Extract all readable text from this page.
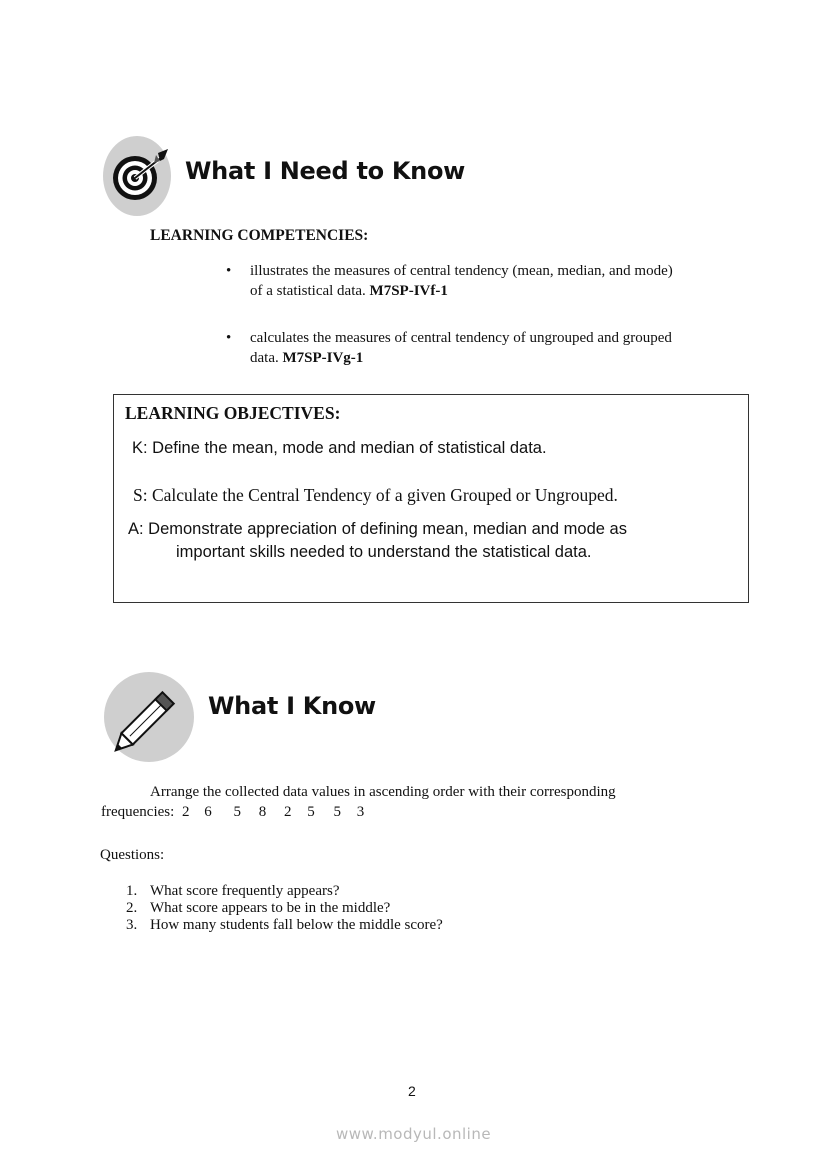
What I Need to Know
LEARNING COMPETENCIES:
• illustrates the measures of central tendency (mean, median, and mode)
of a statistical data. M7SP-IVf-1
• calculates the measures of central tendency of ungrouped and grouped
data. M7SP-IVg-1
LEARNING OBJECTIVES:
K: Define the mean, mode and median of statistical data.
S: Calculate the Central Tendency of a given Grouped or Ungrouped.
A: Demonstrate appreciation of defining mean, median and mode as
important skills needed to understand the statistical data.
What I Know
Arrange the collected data values in ascending order with their corresponding
frequencies: 2 6 5 8 2 5 5 3
Questions:
1. What score frequently appears?
2. What score appears to be in the middle?
3. How many students fall below the middle score?
2
www.modyul.online
